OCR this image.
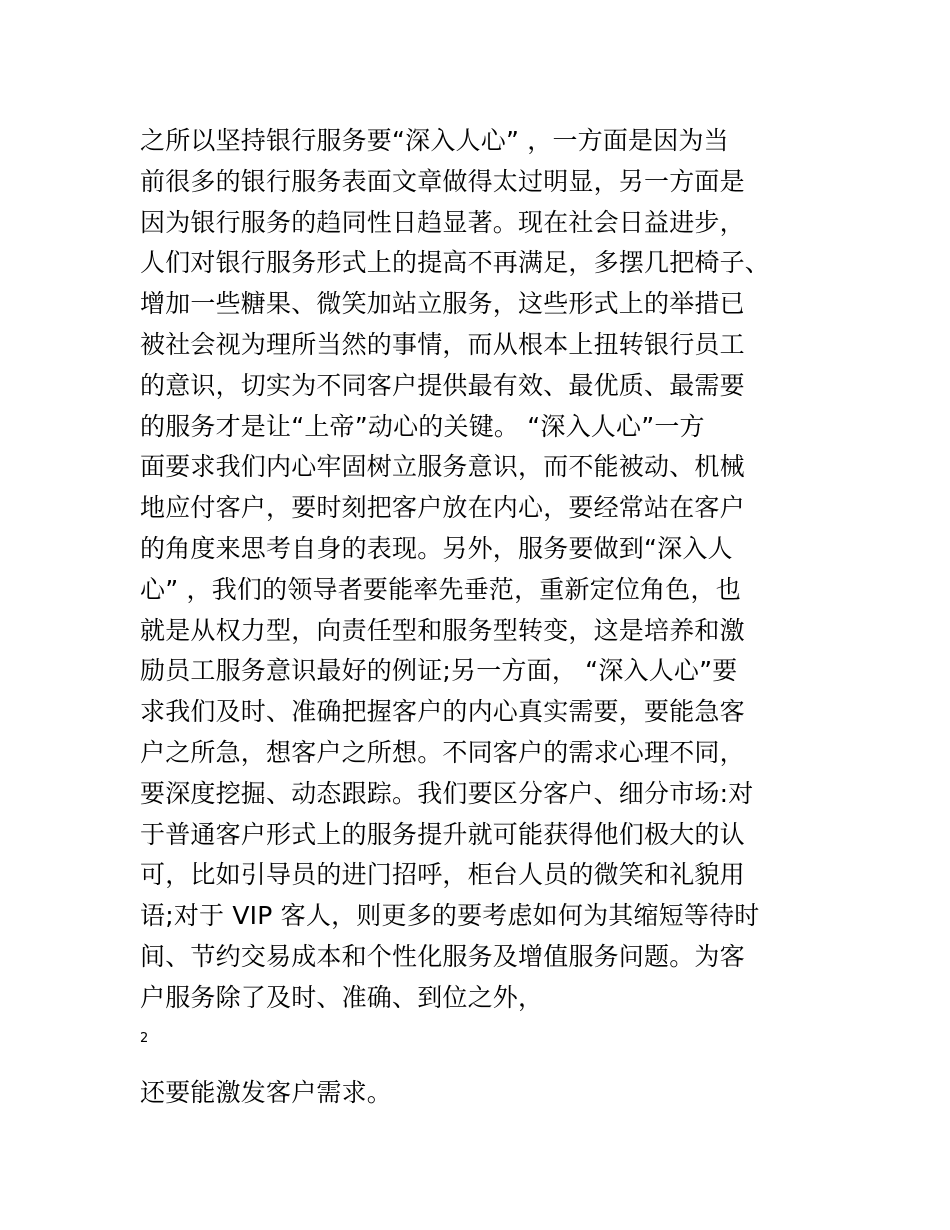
之所以坚持银行服务要“深入人心” ，一方面是因为当
前很多的银行服务表面文章做得太过明显，另一方面是
因为银行服务的趋同性日趋显著。现在社会日益进步，
人们对银行服务形式上的提高不再满足，多摆几把椅子、
增加一些糖果、微笑加站立服务，这些形式上的举措已
被社会视为理所当然的事情，而从根本上扭转银行员工
的意识，切实为不同客户提供最有效、最优质、最需要
的服务才是让“上帝”动心的关键。 “深入人心”一方
面要求我们内心牢固树立服务意识，而不能被动、机械
地应付客户，要时刻把客户放在内心，要经常站在客户
的角度来思考自身的表现。另外，服务要做到“深入人
心” ，我们的领导者要能率先垂范，重新定位角色，也
就是从权力型，向责任型和服务型转变，这是培养和激
励员工服务意识最好的例证;另一方面， “深入人心”要
求我们及时、准确把握客户的内心真实需要，要能急客
户之所急，想客户之所想。不同客户的需求心理不同，
要深度挖掘、动态跟踪。我们要区分客户、细分市场:对
于普通客户形式上的服务提升就可能获得他们极大的认
可，比如引导员的进门招呼，柜台人员的微笑和礼貌用
语;对于 VIP 客人，则更多的要考虑如何为其缩短等待时
间、节约交易成本和个性化服务及增值服务问题。为客
户服务除了及时、准确、到位之外，
2
还要能激发客户需求。
